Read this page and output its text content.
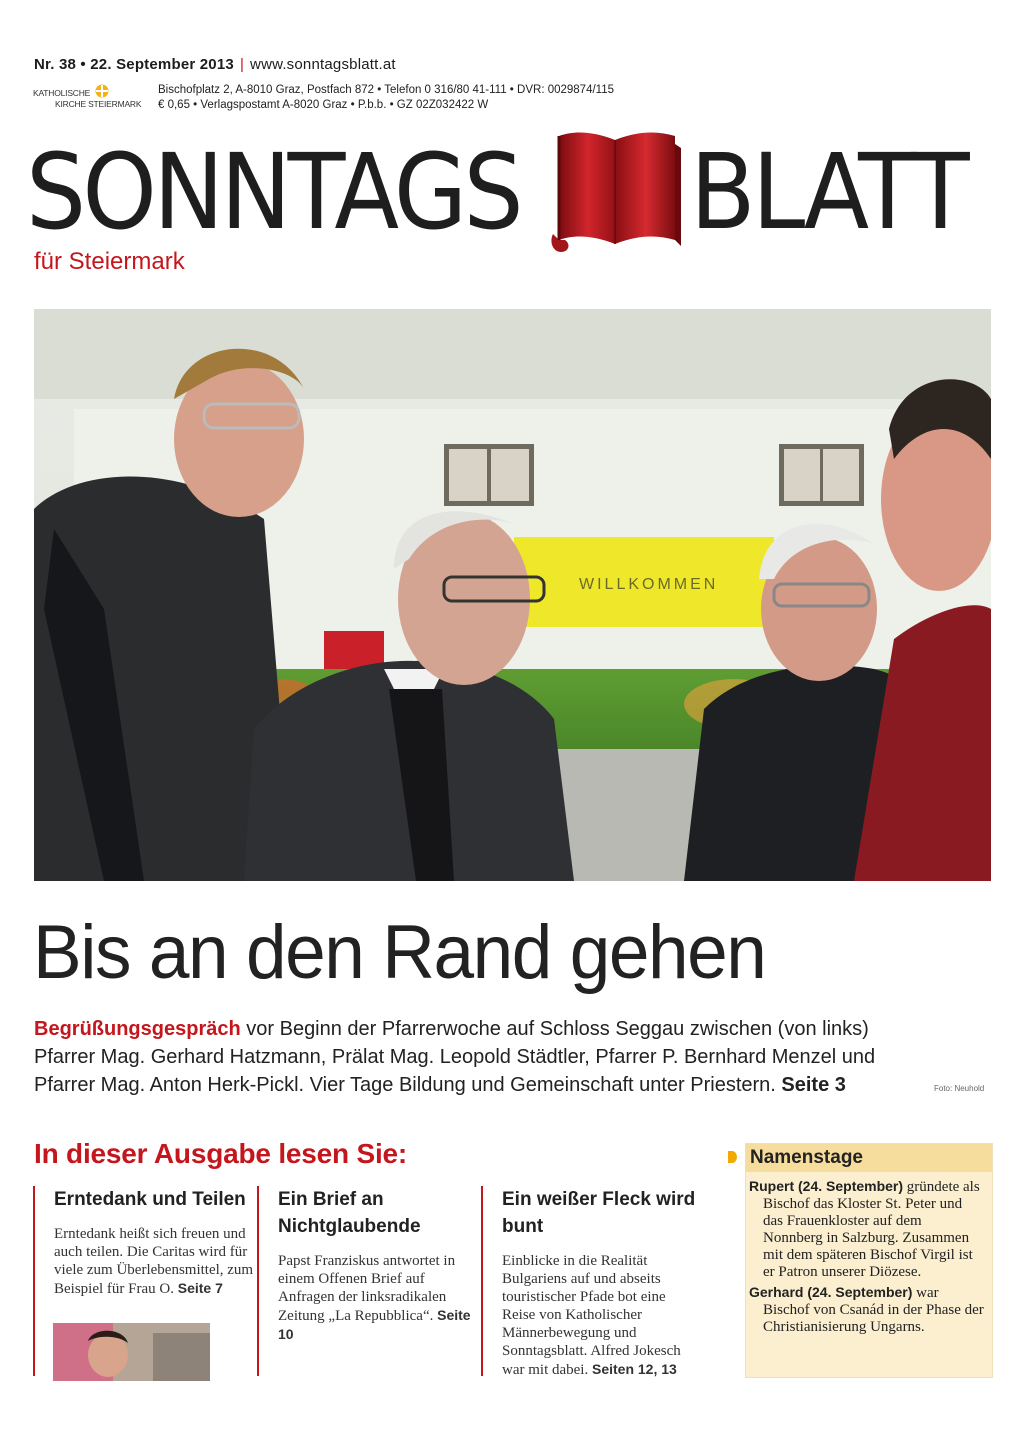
Nr. 38 • 22. September 2013 | www.sonntagsblatt.at
KATHOLISCHE
KIRCHE STEIERMARK
Bischofplatz 2, A-8010 Graz, Postfach 872 • Telefon 0 316/80 41-111 • DVR: 0029874/115
€ 0,65 • Verlagspostamt A-8020 Graz • P.b.b. • GZ 02Z032422 W
SONNTAGS BLATT
für Steiermark
WILLKOMMEN
Bis an den Rand gehen
Begrüßungsgespräch vor Beginn der Pfarrerwoche auf Schloss Seggau zwischen (von links) Pfarrer Mag. Gerhard Hatzmann, Prälat Mag. Leopold Städtler, Pfarrer P. Bernhard Menzel und Pfarrer Mag. Anton Herk-Pickl. Vier Tage Bildung und Gemeinschaft unter Priestern. Seite 3	Foto: Neuhold
In dieser Ausgabe lesen Sie:
Erntedank und Teilen

Erntedank heißt sich freuen und auch teilen. Die Caritas wird für viele zum Überlebensmittel, zum Beispiel für Frau O. Seite 7

Ein Brief an Nichtglaubende

Papst Franziskus antwortet in einem Offenen Brief auf Anfragen der linksradikalen Zeitung „La Repubblica“. Seite 10

Ein weißer Fleck wird bunt

Einblicke in die Realität Bulgariens auf und abseits touristischer Pfade bot eine Reise von Katholischer Männerbewegung und Sonntagsblatt. Alfred Jokesch war mit dabei. Seiten 12, 13

Namenstage

Rupert (24. September) gründete als Bischof das Kloster St. Peter und das Frauenkloster auf dem Nonnberg in Salzburg. Zusammen mit dem späteren Bischof Virgil ist er Patron unserer Diözese.

Gerhard (24. September) war Bischof von Csanád in der Phase der Christianisierung Ungarns.
